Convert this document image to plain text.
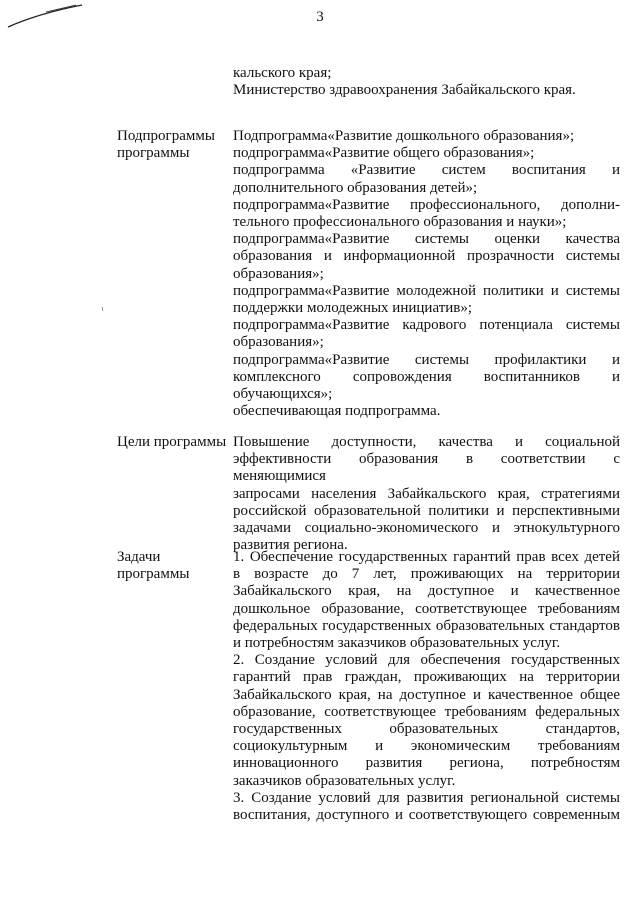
3
кальского края;
Министерство здравоохранения Забайкальского края.
Подпрограммы
программы
Подпрограмма«Развитие дошкольного образования»;
подпрограмма«Развитие общего образования»;
подпрограмма «Развитие систем воспитания и
дополнительного образования детей»;
подпрограмма«Развитие профессионального, дополни-
тельного профессионального образования и науки»;
подпрограмма«Развитие системы оценки качества
образования и информационной прозрачности системы
образования»;
подпрограмма«Развитие молодежной политики и системы
поддержки молодежных инициатив»;
подпрограмма«Развитие кадрового потенциала системы
образования»;
подпрограмма«Развитие системы профилактики и
комплексного сопровождения воспитанников и
обучающихся»;
обеспечивающая подпрограмма.
Цели программы Повышение доступности, качества и социальной
эффективности образования в соответствии с меняющимися
запросами населения Забайкальского края, стратегиями
российской образовательной политики и перспективными
задачами социально-экономического и этнокультурного
развития региона.
Задачи
программы
1. Обеспечение государственных гарантий прав всех детей
в возрасте до 7 лет, проживающих на территории
Забайкальского края, на доступное и качественное
дошкольное образование, соответствующее требованиям
федеральных государственных образовательных стандартов
и потребностям заказчиков образовательных услуг.
2. Создание условий для обеспечения государственных
гарантий прав граждан, проживающих на территории
Забайкальского края, на доступное и качественное общее
образование, соответствующее требованиям федеральных
государственных образовательных стандартов,
социокультурным и экономическим требованиям
инновационного развития региона, потребностям
заказчиков образовательных услуг.
3. Создание условий для развития региональной системы
воспитания, доступного и соответствующего современным
